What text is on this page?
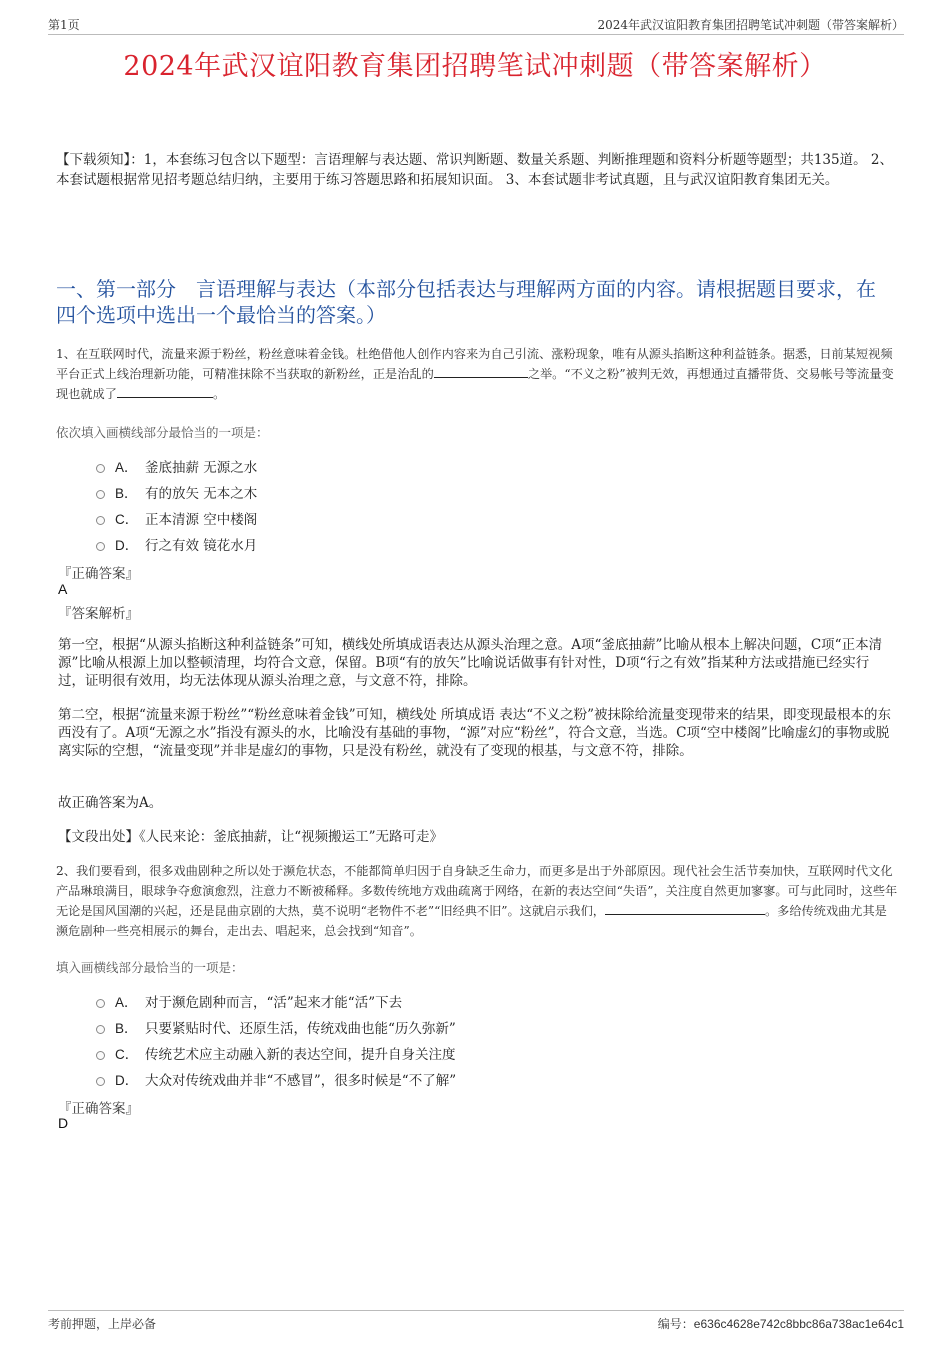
第1页	2024年武汉谊阳教育集团招聘笔试冲刺题（带答案解析）
2024年武汉谊阳教育集团招聘笔试冲刺题（带答案解析）
【下载须知】：1，本套练习包含以下题型：言语理解与表达题、常识判断题、数量关系题、判断推理题和资料分析题等题型；共135道。 2、本套试题根据常见招考题总结归纳，主要用于练习答题思路和拓展知识面。 3、本套试题非考试真题，且与武汉谊阳教育集团无关。
一、第一部分　言语理解与表达（本部分包括表达与理解两方面的内容。请根据题目要求，在四个选项中选出一个最恰当的答案。）
1、在互联网时代，流量来源于粉丝，粉丝意味着金钱。杜绝借他人创作内容来为自己引流、涨粉现象，唯有从源头掐断这种利益链条。据悉，日前某短视频平台正式上线治理新功能，可精准抹除不当获取的新粉丝，正是治乱的	之举。“不义之粉”被判无效，再想通过直播带货、交易帐号等流量变现也就成了	。
依次填入画横线部分最恰当的一项是：
A． 釜底抽薪 无源之水
B． 有的放矢 无本之木
C． 正本清源 空中楼阁
D． 行之有效 镜花水月
『正确答案』
A
『答案解析』
第一空，根据“从源头掐断这种利益链条”可知，横线处所填成语表达从源头治理之意。A项“釜底抽薪”比喻从根本上解决问题，C项“正本清源”比喻从根源上加以整顿清理，均符合文意，保留。B项“有的放矢”比喻说话做事有针对性，D项“行之有效”指某种方法或措施已经实行过，证明很有效用，均无法体现从源头治理之意，与文意不符，排除。
第二空，根据“流量来源于粉丝”“粉丝意味着金钱”可知，横线处 所填成语 表达“不义之粉”被抹除给流量变现带来的结果，即变现最根本的东西没有了。A项“无源之水”指没有源头的水，比喻没有基础的事物，“源”对应“粉丝”，符合文意，当选。C项“空中楼阁”比喻虚幻的事物或脱离实际的空想，“流量变现”并非是虚幻的事物，只是没有粉丝，就没有了变现的根基，与文意不符，排除。
故正确答案为A。
【文段出处】《人民来论：釜底抽薪，让“视频搬运工”无路可走》
2、我们要看到，很多戏曲剧种之所以处于濒危状态，不能都简单归因于自身缺乏生命力，而更多是出于外部原因。现代社会生活节奏加快，互联网时代文化产品琳琅满目，眼球争夺愈演愈烈，注意力不断被稀释。多数传统地方戏曲疏离于网络，在新的表达空间“失语”，关注度自然更加寥寥。可与此同时，这些年无论是国风国潮的兴起，还是昆曲京剧的大热，莫不说明“老物件不老”“旧经典不旧”。这就启示我们，	。多给传统戏曲尤其是濒危剧种一些亮相展示的舞台，走出去、唱起来，总会找到“知音”。
填入画横线部分最恰当的一项是：
A． 对于濒危剧种而言，“活”起来才能“活”下去
B． 只要紧贴时代、还原生活，传统戏曲也能“历久弥新”
C． 传统艺术应主动融入新的表达空间，提升自身关注度
D． 大众对传统戏曲并非“不感冒”，很多时候是“不了解”
『正确答案』
D
考前押题，上岸必备	编号：e636c4628e742c8bbc86a738ac1e64c1
